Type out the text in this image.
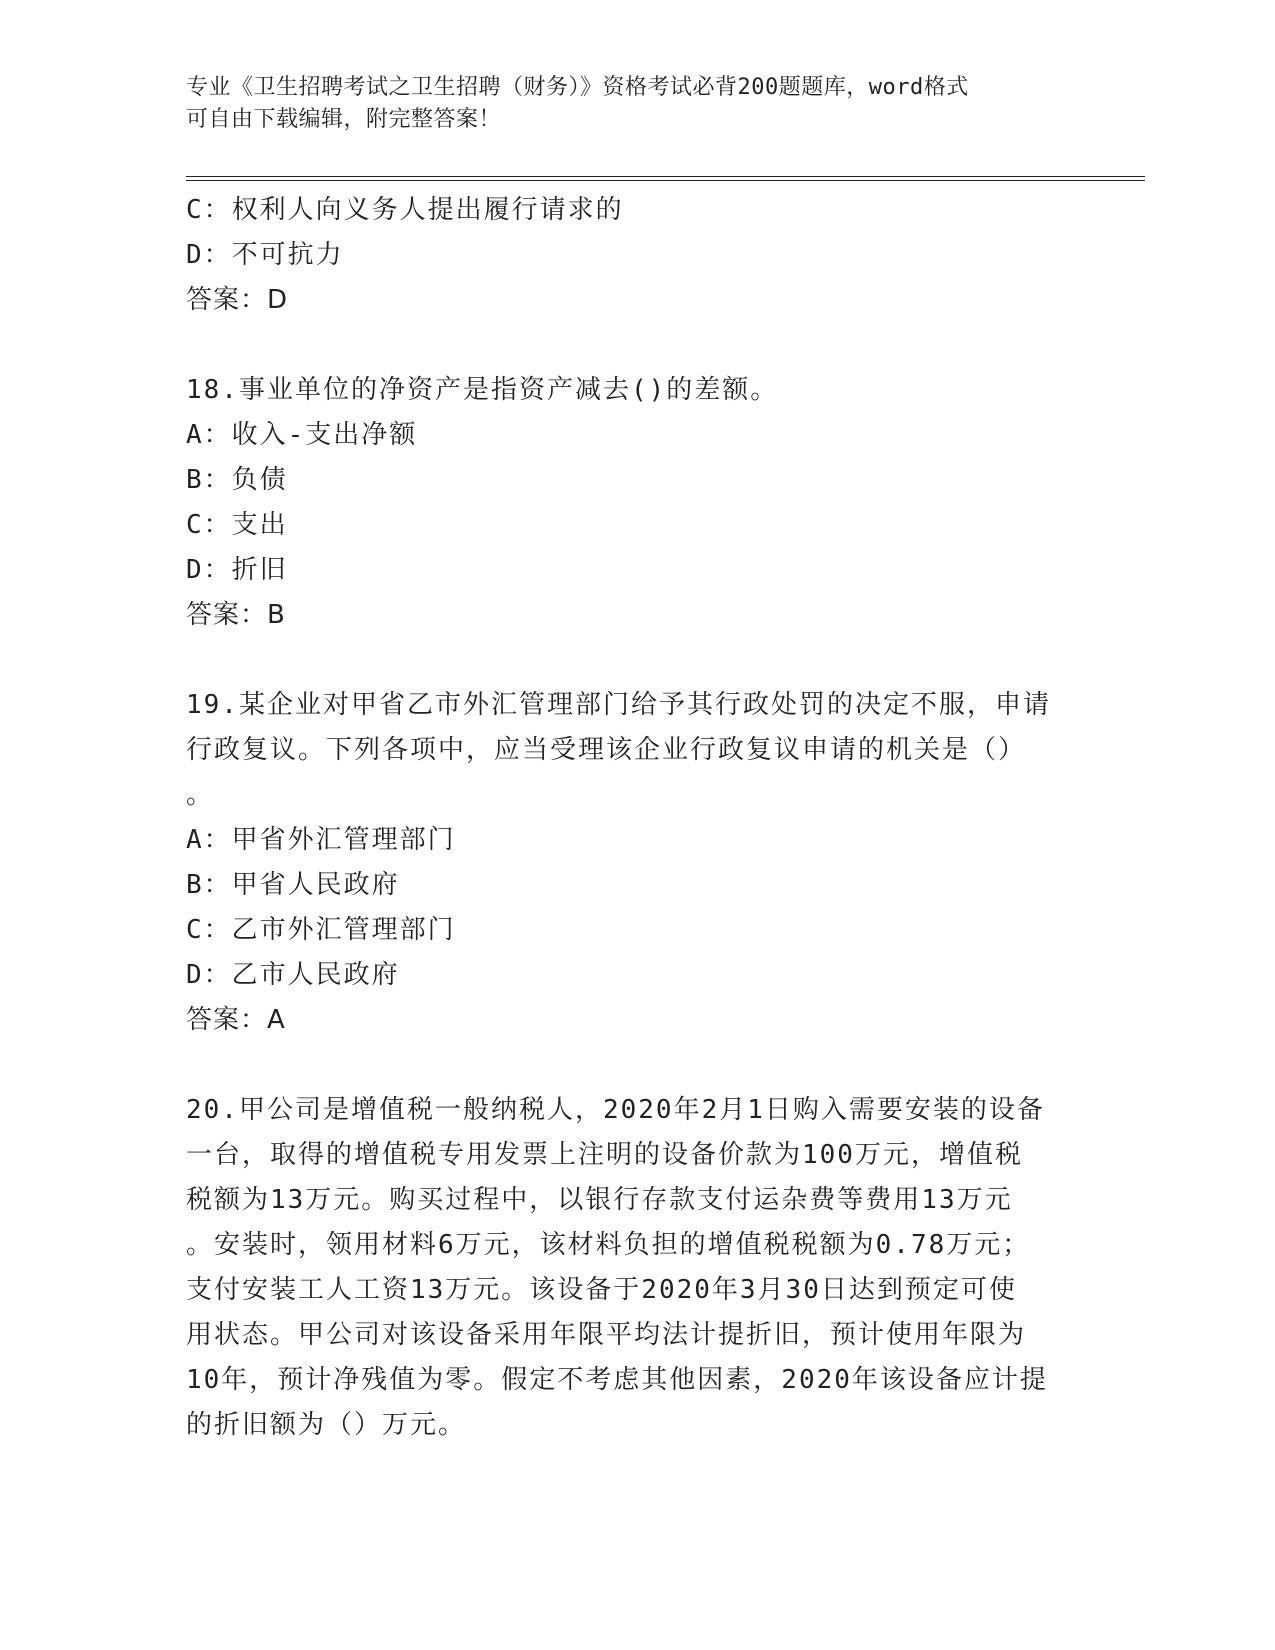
专业《卫生招聘考试之卫生招聘（财务）》资格考试必背200题题库，word格式
可自由下载编辑，附完整答案！
C：权利人向义务人提出履行请求的
D：不可抗力
答案：D
18.事业单位的净资产是指资产减去()的差额。
A：收入-支出净额
B：负债
C：支出
D：折旧
答案：B
19.某企业对甲省乙市外汇管理部门给予其行政处罚的决定不服，申请
行政复议。下列各项中，应当受理该企业行政复议申请的机关是（）
。
A：甲省外汇管理部门
B：甲省人民政府
C：乙市外汇管理部门
D：乙市人民政府
答案：A
20.甲公司是增值税一般纳税人，2020年2月1日购入需要安装的设备
一台，取得的增值税专用发票上注明的设备价款为100万元，增值税
税额为13万元。购买过程中，以银行存款支付运杂费等费用13万元
。安装时，领用材料6万元，该材料负担的增值税税额为0.78万元；
支付安装工人工资13万元。该设备于2020年3月30日达到预定可使
用状态。甲公司对该设备采用年限平均法计提折旧，预计使用年限为
10年，预计净残值为零。假定不考虑其他因素，2020年该设备应计提
的折旧额为（）万元。
